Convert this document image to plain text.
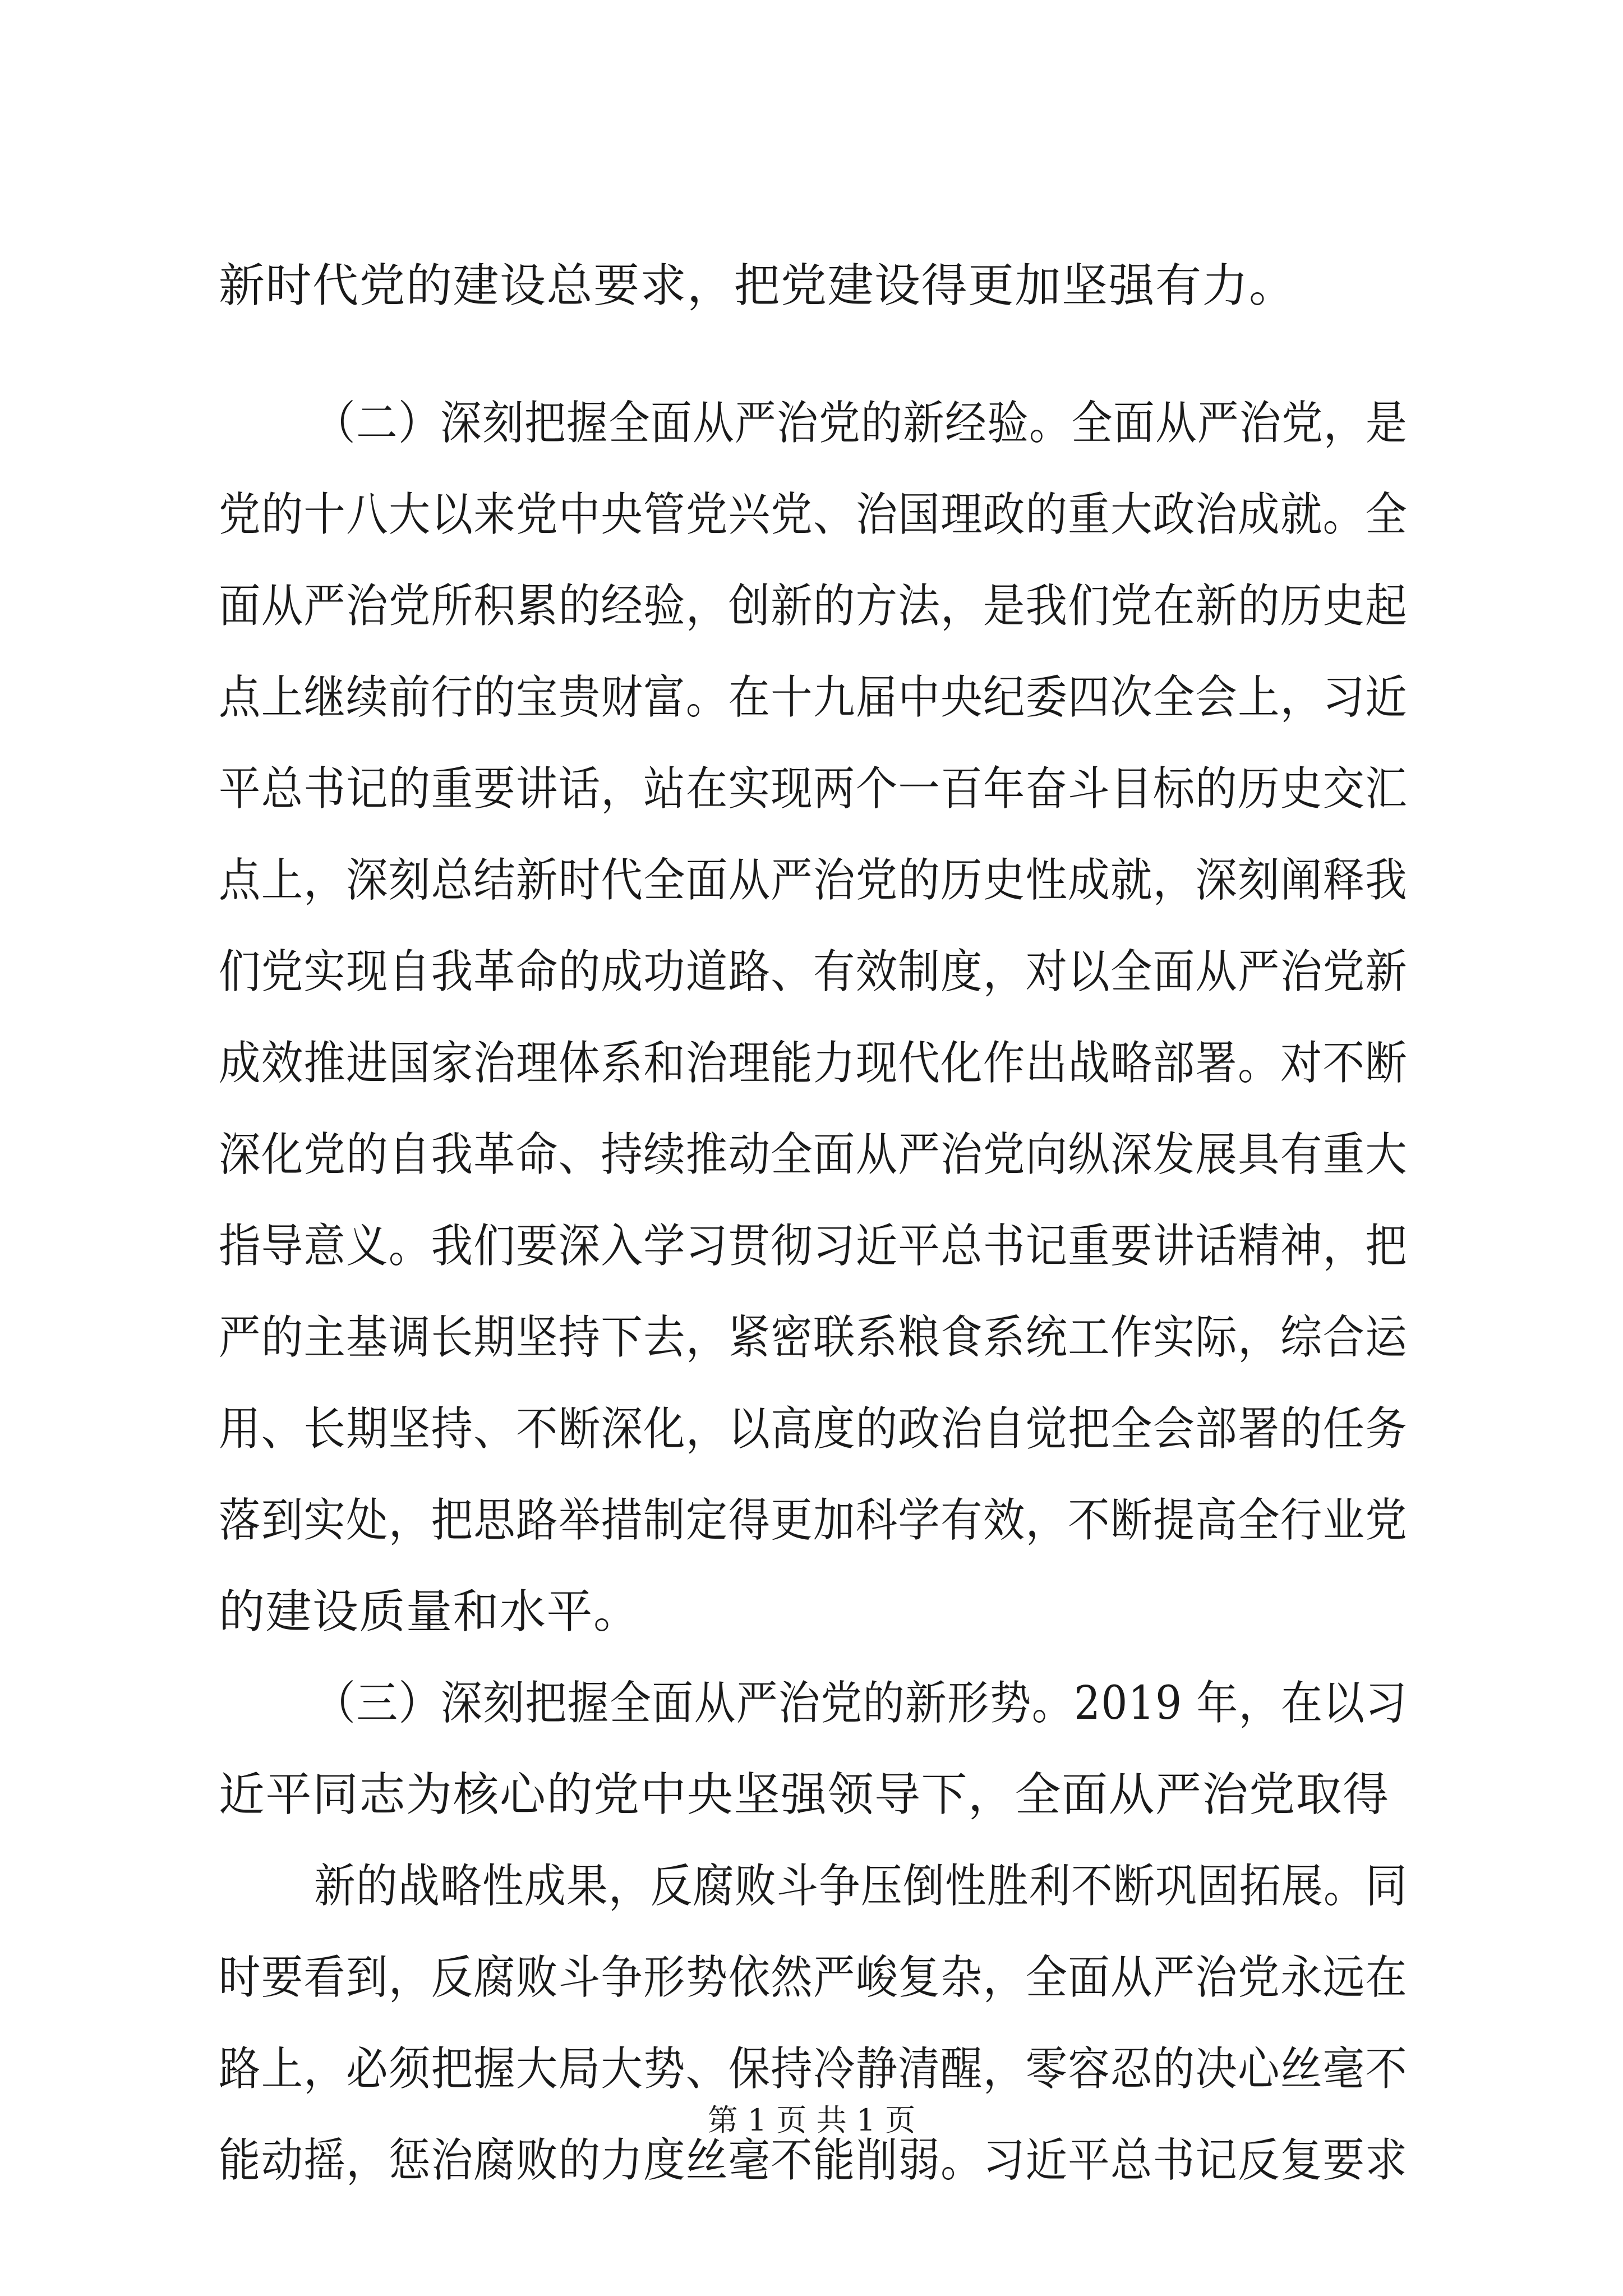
新时代党的建设总要求，把党建设得更加坚强有力。
（二）深刻把握全面从严治党的新经验。全面从严治党，是
党的十八大以来党中央管党兴党、治国理政的重大政治成就。全
面从严治党所积累的经验，创新的方法，是我们党在新的历史起
点上继续前行的宝贵财富。在十九届中央纪委四次全会上，习近
平总书记的重要讲话，站在实现两个一百年奋斗目标的历史交汇
点上，深刻总结新时代全面从严治党的历史性成就，深刻阐释我
们党实现自我革命的成功道路、有效制度，对以全面从严治党新
成效推进国家治理体系和治理能力现代化作出战略部署。对不断
深化党的自我革命、持续推动全面从严治党向纵深发展具有重大
指导意义。我们要深入学习贯彻习近平总书记重要讲话精神，把
严的主基调长期坚持下去，紧密联系粮食系统工作实际，综合运
用、长期坚持、不断深化，以高度的政治自觉把全会部署的任务
落到实处，把思路举措制定得更加科学有效，不断提高全行业党
的建设质量和水平。
（三）深刻把握全面从严治党的新形势。2019 年，在以习
近平同志为核心的党中央坚强领导下，全面从严治党取得
新的战略性成果，反腐败斗争压倒性胜利不断巩固拓展。同
时要看到，反腐败斗争形势依然严峻复杂，全面从严治党永远在
路上，必须把握大局大势、保持冷静清醒，零容忍的决心丝毫不
能动摇，惩治腐败的力度丝毫不能削弱。习近平总书记反复要求
第 1 页 共 1 页
